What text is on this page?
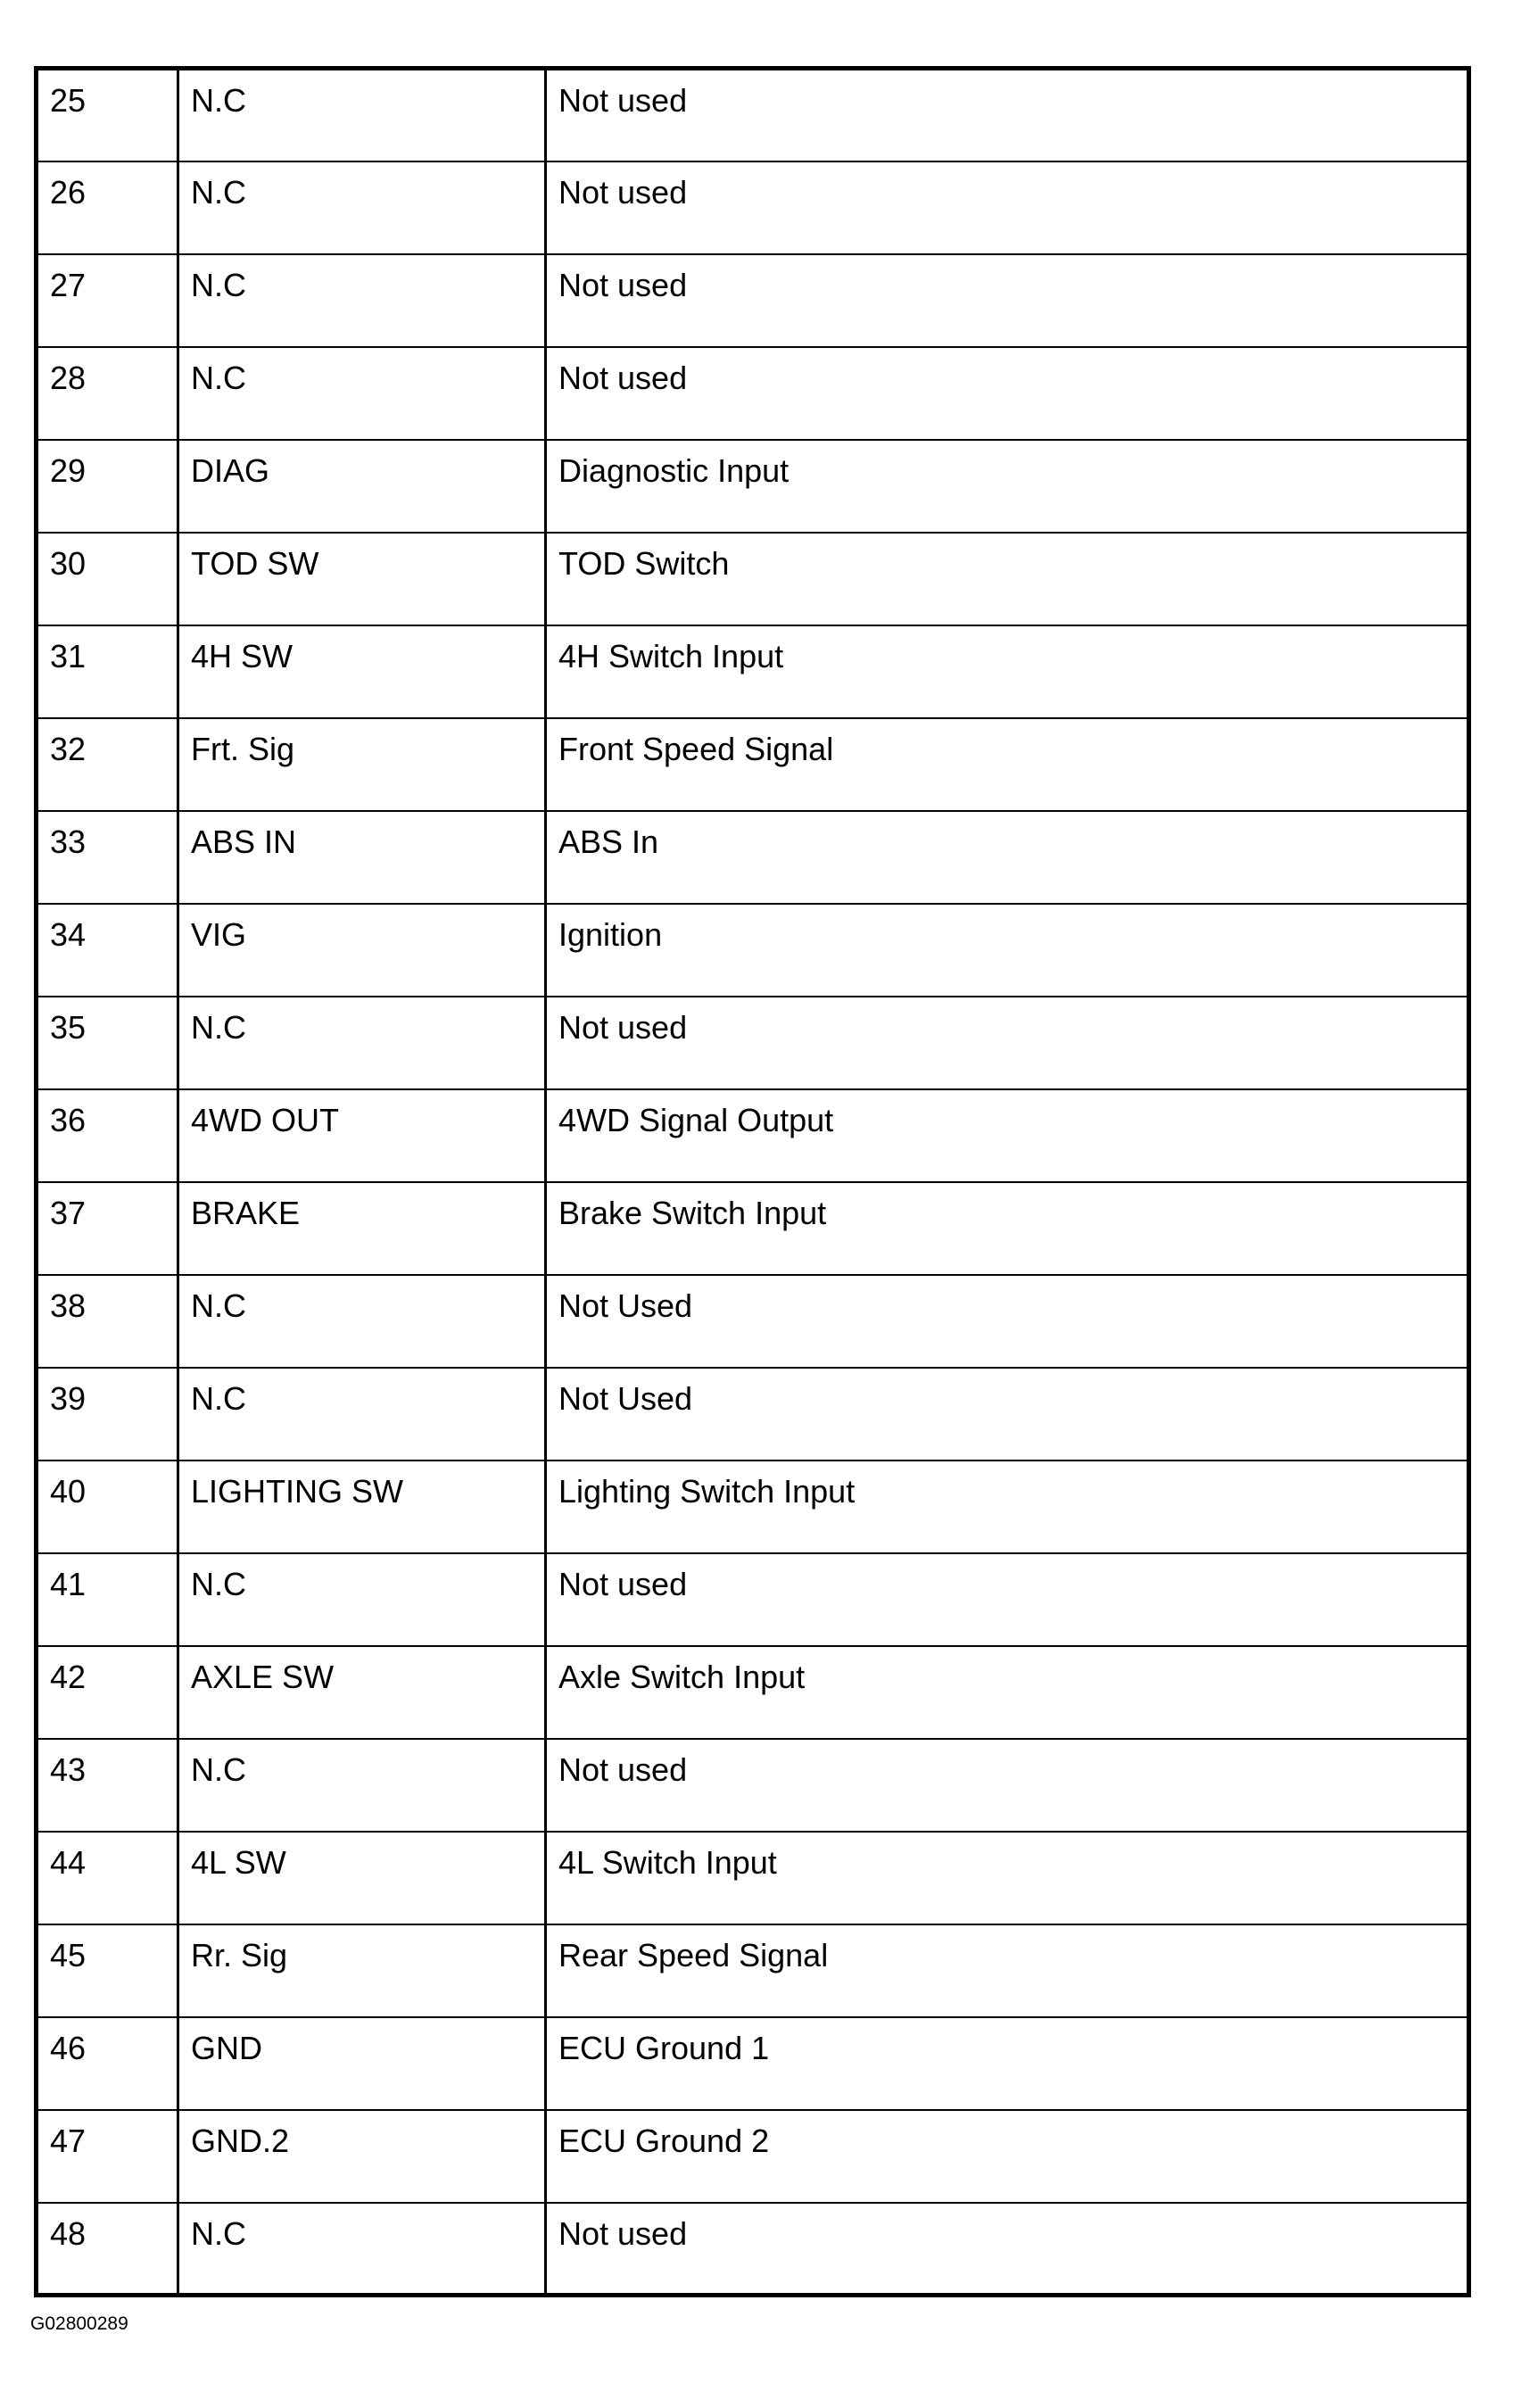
25	N.C	Not used
26	N.C	Not used
27	N.C	Not used
28	N.C	Not used
29	DIAG	Diagnostic Input
30	TOD SW	TOD Switch
31	4H SW	4H Switch Input
32	Frt. Sig	Front Speed Signal
33	ABS IN	ABS In
34	VIG	Ignition
35	N.C	Not used
36	4WD OUT	4WD Signal Output
37	BRAKE	Brake Switch Input
38	N.C	Not Used
39	N.C	Not Used
40	LIGHTING SW	Lighting Switch Input
41	N.C	Not used
42	AXLE SW	Axle Switch Input
43	N.C	Not used
44	4L SW	4L Switch Input
45	Rr. Sig	Rear Speed Signal
46	GND	ECU Ground 1
47	GND.2	ECU Ground 2
48	N.C	Not used
G02800289
